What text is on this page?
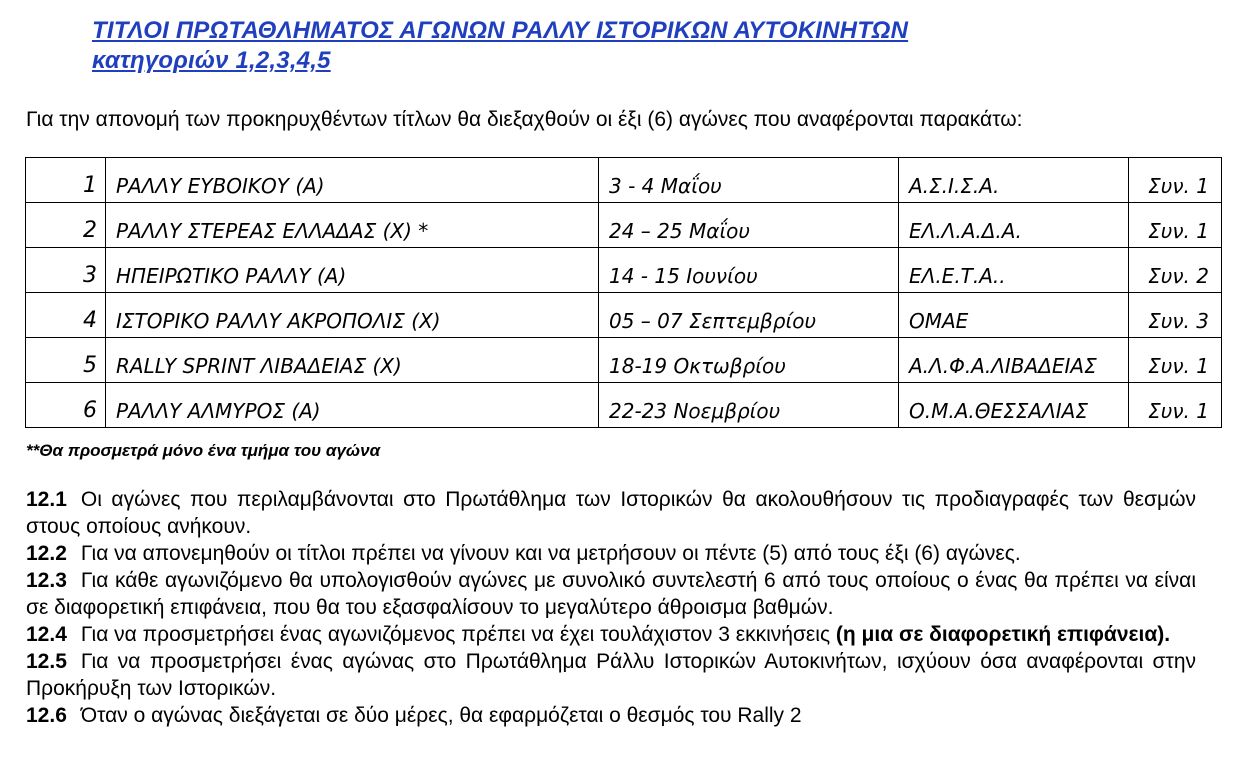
ΤΙΤΛΟΙ ΠΡΩΤΑΘΛΗΜΑΤΟΣ ΑΓΩΝΩΝ ΡΑΛΛΥ ΙΣΤΟΡΙΚΩΝ ΑΥΤΟΚΙΝΗΤΩΝ
κατηγοριών 1,2,3,4,5
Για την απονομή των προκηρυχθέντων τίτλων θα διεξαχθούν οι έξι (6) αγώνες που αναφέρονται παρακάτω:
1	ΡΑΛΛΥ ΕΥΒΟΙΚΟΥ (Α)	3 - 4 Μαΐου	Α.Σ.Ι.Σ.Α.	Συν. 1
2	ΡΑΛΛΥ ΣΤΕΡΕΑΣ ΕΛΛΑΔΑΣ (Χ) *	24 – 25 Μαΐου	ΕΛ.Λ.Α.Δ.Α.	Συν. 1
3	ΗΠΕΙΡΩΤΙΚΟ ΡΑΛΛΥ (Α)	14 - 15 Ιουνίου	ΕΛ.Ε.Τ.Α..	Συν. 2
4	ΙΣΤΟΡΙΚΟ ΡΑΛΛΥ ΑΚΡΟΠΟΛΙΣ (Χ)	05 – 07 Σεπτεμβρίου	ΟΜΑΕ	Συν. 3
5	RALLY SPRINT ΛΙΒΑΔΕΙΑΣ (Χ)	18-19 Οκτωβρίου	Α.Λ.Φ.Α.ΛΙΒΑΔΕΙΑΣ	Συν. 1
6	ΡΑΛΛΥ ΑΛΜΥΡΟΣ (Α)	22-23 Νοεμβρίου	Ο.Μ.Α.ΘΕΣΣΑΛΙΑΣ	Συν. 1
**Θα προσμετρά μόνο ένα τμήμα του αγώνα
12.1 Οι αγώνες που περιλαμβάνονται στο Πρωτάθλημα των Ιστορικών θα ακολουθήσουν τις προδιαγραφές των θεσμών στους οποίους ανήκουν.
12.2 Για να απονεμηθούν οι τίτλοι πρέπει να γίνουν και να μετρήσουν οι πέντε (5) από τους έξι (6) αγώνες.
12.3 Για κάθε αγωνιζόμενο θα υπολογισθούν αγώνες με συνολικό συντελεστή 6 από τους οποίους ο ένας θα πρέπει να είναι σε διαφορετική επιφάνεια, που θα του εξασφαλίσουν το μεγαλύτερο άθροισμα βαθμών.
12.4 Για να προσμετρήσει ένας αγωνιζόμενος πρέπει να έχει τουλάχιστον 3 εκκινήσεις (η μια σε διαφορετική επιφάνεια).
12.5 Για να προσμετρήσει ένας αγώνας στο Πρωτάθλημα Ράλλυ Ιστορικών Αυτοκινήτων, ισχύουν όσα αναφέρονται στην Προκήρυξη των Ιστορικών.
12.6 Όταν ο αγώνας διεξάγεται σε δύο μέρες, θα εφαρμόζεται ο θεσμός του Rally 2
